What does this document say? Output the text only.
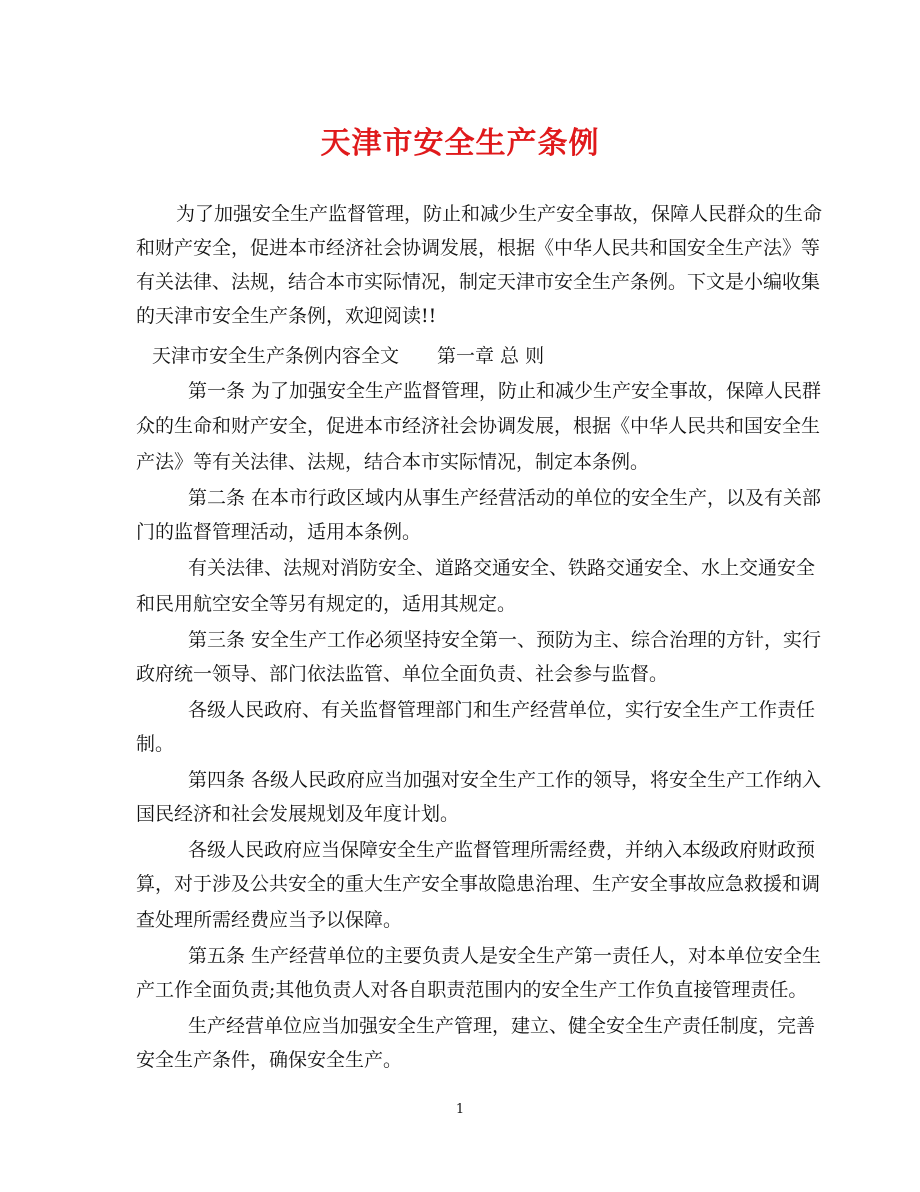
天津市安全生产条例
为了加强安全生产监督管理，防止和减少生产安全事故，保障人民群众的生命
和财产安全，促进本市经济社会协调发展，根据《中华人民共和国安全生产法》等
有关法律、法规，结合本市实际情况，制定天津市安全生产条例。下文是小编收集
的天津市安全生产条例，欢迎阅读!!
天津市安全生产条例内容全文　　第一章 总 则
第一条 为了加强安全生产监督管理，防止和减少生产安全事故，保障人民群
众的生命和财产安全，促进本市经济社会协调发展，根据《中华人民共和国安全生
产法》等有关法律、法规，结合本市实际情况，制定本条例。
第二条 在本市行政区域内从事生产经营活动的单位的安全生产，以及有关部
门的监督管理活动，适用本条例。
有关法律、法规对消防安全、道路交通安全、铁路交通安全、水上交通安全
和民用航空安全等另有规定的，适用其规定。
第三条 安全生产工作必须坚持安全第一、预防为主、综合治理的方针，实行
政府统一领导、部门依法监管、单位全面负责、社会参与监督。
各级人民政府、有关监督管理部门和生产经营单位，实行安全生产工作责任
制。
第四条 各级人民政府应当加强对安全生产工作的领导，将安全生产工作纳入
国民经济和社会发展规划及年度计划。
各级人民政府应当保障安全生产监督管理所需经费，并纳入本级政府财政预
算，对于涉及公共安全的重大生产安全事故隐患治理、生产安全事故应急救援和调
查处理所需经费应当予以保障。
第五条 生产经营单位的主要负责人是安全生产第一责任人，对本单位安全生
产工作全面负责;其他负责人对各自职责范围内的安全生产工作负直接管理责任。
生产经营单位应当加强安全生产管理，建立、健全安全生产责任制度，完善
安全生产条件，确保安全生产。
1
